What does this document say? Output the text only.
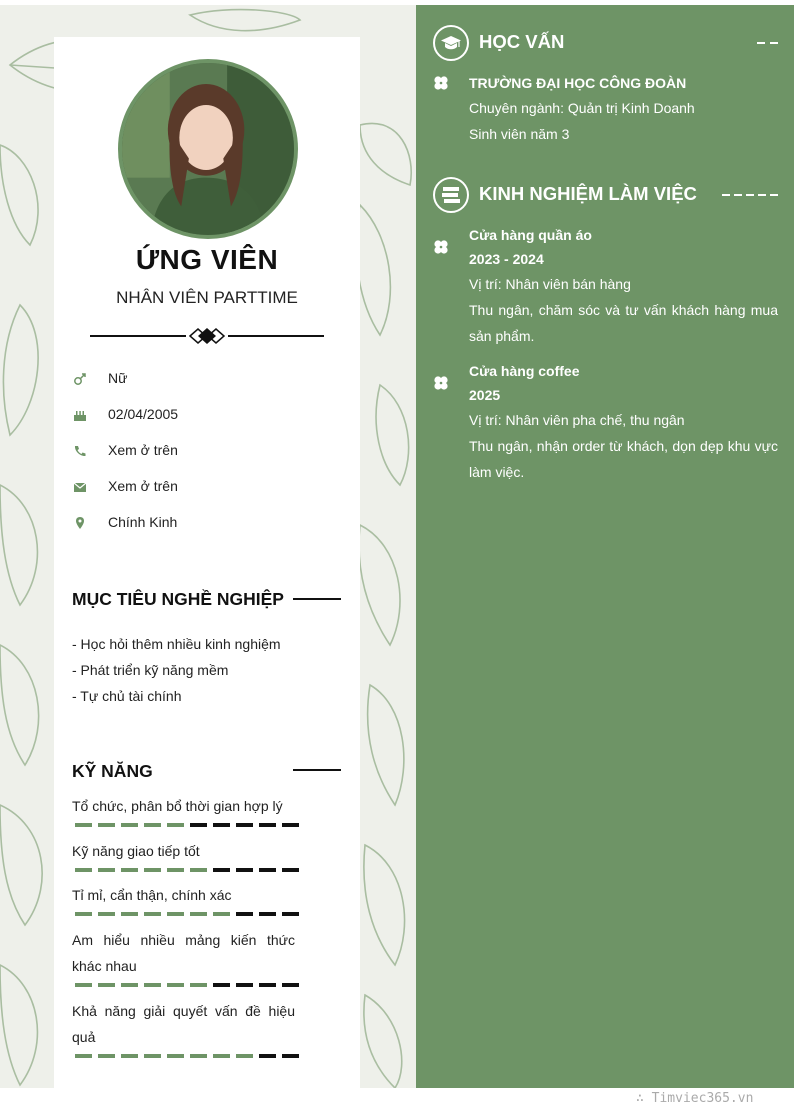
ỨNG VIÊN
NHÂN VIÊN PARTTIME
Nữ
02/04/2005
Xem ở trên
Xem ở trên
Chính Kinh
MỤC TIÊU NGHỀ NGHIỆP
- Học hỏi thêm nhiều kinh nghiệm
- Phát triển kỹ năng mềm
- Tự chủ tài chính
KỸ NĂNG
Tổ chức, phân bổ thời gian hợp lý
Kỹ năng giao tiếp tốt
Tỉ mỉ, cẩn thận, chính xác
Am hiểu nhiều mảng kiến thức khác nhau
Khả năng giải quyết vấn đề hiệu quả
HỌC VẤN
TRƯỜNG ĐẠI HỌC CÔNG ĐOÀN
Chuyên ngành: Quản trị Kinh Doanh
Sinh viên năm 3
KINH NGHIỆM LÀM VIỆC
Cửa hàng quần áo
2023 - 2024
Vị trí: Nhân viên bán hàng
Thu ngân, chăm sóc và tư vấn khách hàng mua sản phẩm.
Cửa hàng coffee
2025
Vị trí: Nhân viên pha chế, thu ngân
Thu ngân, nhận order từ khách, dọn dẹp khu vực làm việc.
∴ Timviec365.vn
